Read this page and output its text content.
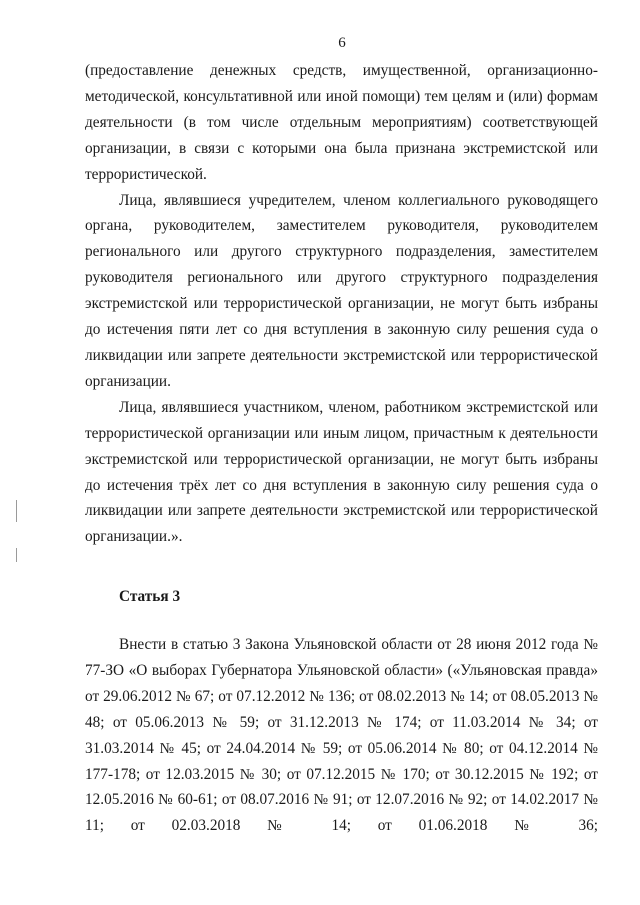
6

(предоставление денежных средств, имущественной, организационно-методической, консультативной или иной помощи) тем целям и (или) формам деятельности (в том числе отдельным мероприятиям) соответствующей организации, в связи с которыми она была признана экстремистской или террористической.

Лица, являвшиеся учредителем, членом коллегиального руководящего органа, руководителем, заместителем руководителя, руководителем регионального или другого структурного подразделения, заместителем руководителя регионального или другого структурного подразделения экстремистской или террористической организации, не могут быть избраны до истечения пяти лет со дня вступления в законную силу решения суда о ликвидации или запрете деятельности экстремистской или террористической организации.

Лица, являвшиеся участником, членом, работником экстремистской или террористической организации или иным лицом, причастным к деятельности экстремистской или террористической организации, не могут быть избраны до истечения трёх лет со дня вступления в законную силу решения суда о ликвидации или запрете деятельности экстремистской или террористической организации.».

Статья 3

Внести в статью 3 Закона Ульяновской области от 28 июня 2012 года № 77-ЗО «О выборах Губернатора Ульяновской области» («Ульяновская правда» от 29.06.2012 № 67; от 07.12.2012 № 136; от 08.02.2013 № 14; от 08.05.2013 № 48; от 05.06.2013 № 59; от 31.12.2013 № 174; от 11.03.2014 № 34; от 31.03.2014 № 45; от 24.04.2014 № 59; от 05.06.2014 № 80; от 04.12.2014 № 177-178; от 12.03.2015 № 30; от 07.12.2015 № 170; от 30.12.2015 № 192; от 12.05.2016 № 60-61; от 08.07.2016 № 91; от 12.07.2016 № 92; от 14.02.2017 № 11; от 02.03.2018 № 14; от 01.06.2018 № 36;
